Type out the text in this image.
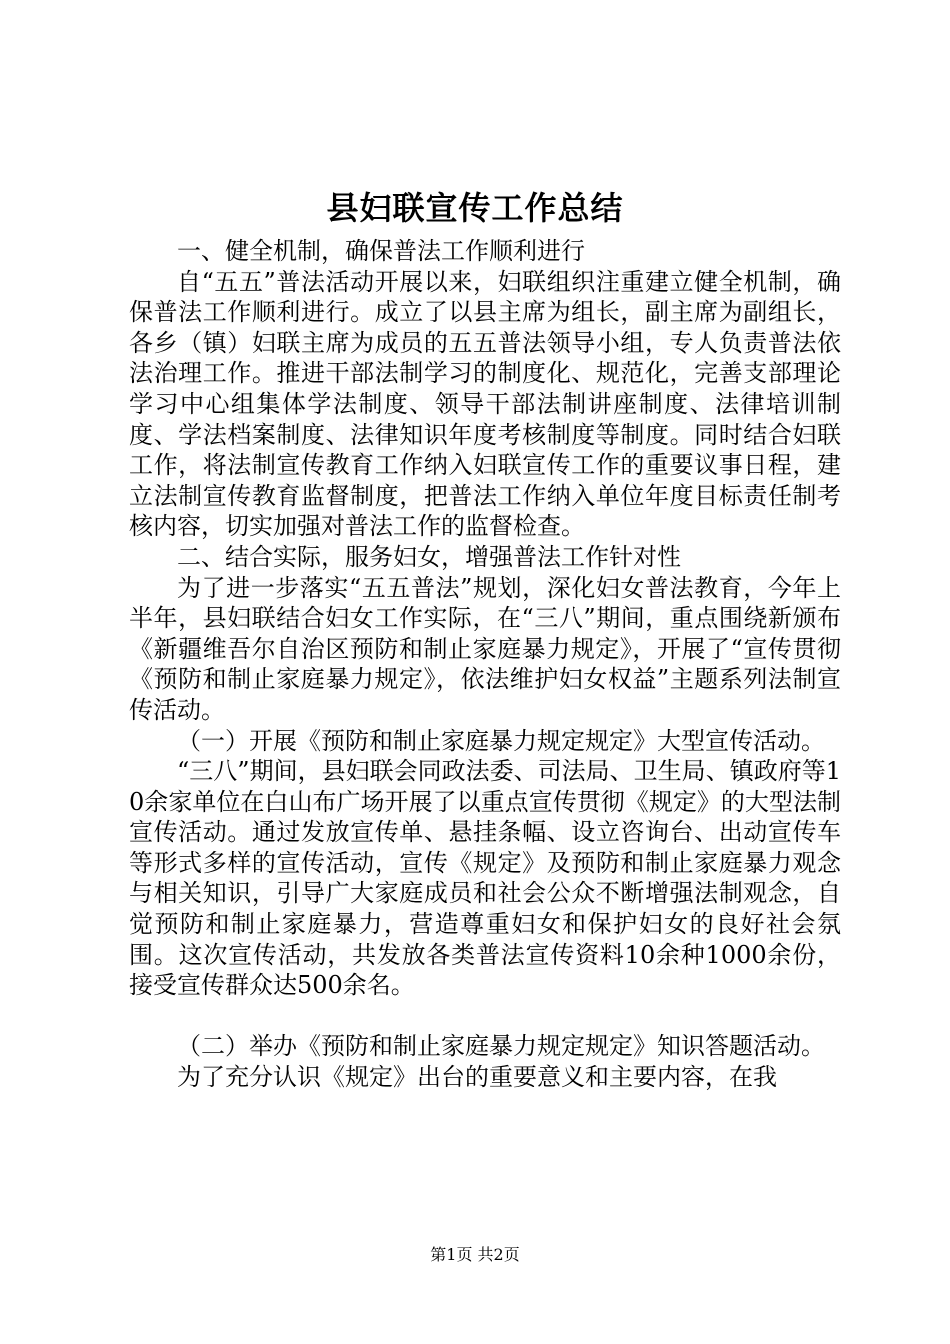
县妇联宣传工作总结

一、健全机制，确保普法工作顺利进行

自“五五”普法活动开展以来，妇联组织注重建立健全机制，确保普法工作顺利进行。成立了以县主席为组长，副主席为副组长，各乡（镇）妇联主席为成员的五五普法领导小组，专人负责普法依法治理工作。推进干部法制学习的制度化、规范化，完善支部理论学习中心组集体学法制度、领导干部法制讲座制度、法律培训制度、学法档案制度、法律知识年度考核制度等制度。同时结合妇联工作，将法制宣传教育工作纳入妇联宣传工作的重要议事日程，建立法制宣传教育监督制度，把普法工作纳入单位年度目标责任制考核内容，切实加强对普法工作的监督检查。

二、结合实际，服务妇女，增强普法工作针对性

为了进一步落实“五五普法”规划，深化妇女普法教育，今年上半年，县妇联结合妇女工作实际，在“三八”期间，重点围绕新颁布《新疆维吾尔自治区预防和制止家庭暴力规定》，开展了“宣传贯彻《预防和制止家庭暴力规定》，依法维护妇女权益”主题系列法制宣传活动。

（一）开展《预防和制止家庭暴力规定规定》大型宣传活动。

“三八”期间，县妇联会同政法委、司法局、卫生局、镇政府等10余家单位在白山布广场开展了以重点宣传贯彻《规定》的大型法制宣传活动。通过发放宣传单、悬挂条幅、设立咨询台、出动宣传车等形式多样的宣传活动，宣传《规定》及预防和制止家庭暴力观念与相关知识，引导广大家庭成员和社会公众不断增强法制观念，自觉预防和制止家庭暴力，营造尊重妇女和保护妇女的良好社会氛围。这次宣传活动，共发放各类普法宣传资料10余种1000余份，接受宣传群众达500余名。

（二）举办《预防和制止家庭暴力规定规定》知识答题活动。

为了充分认识《规定》出台的重要意义和主要内容，在我

第1页 共2页
